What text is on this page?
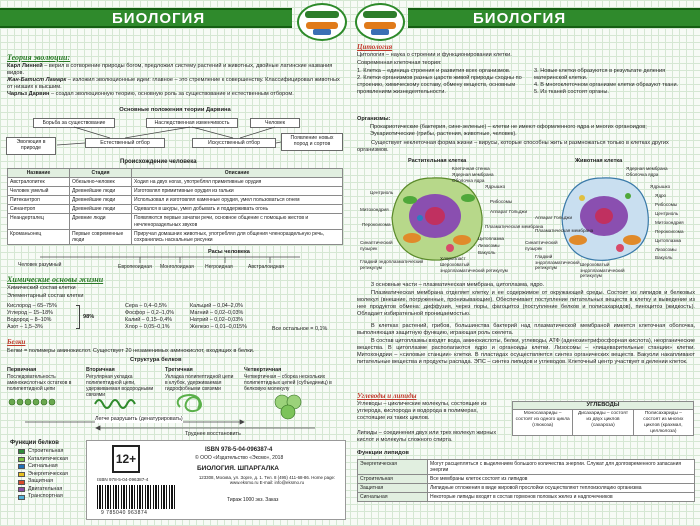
БИОЛОГИЯ
Теория эволюции:
Карл Линней – верил в сотворение природы богом, предложил систему растений и животных, двойные латинские названия видов.
Жан-Батист Ламарк – изложил эволюционные идеи: главное – это стремление к совершенству. Классифицировал животных от низших к высшим.
Чарльз Дарвин – создал эволюционную теорию, основную роль за существование и естественным отбором.
Основные положения теории Дарвина
Борьба за существование	Наследственная изменчивость	Человек
Эволюция в природе
Естественный отбор	Искусственный отбор
Появление новых пород и сортов
Происхождение человека
Название	Стадия	Описание
Австралопитек	Обезьяно-человек	Ходил на двух ногах, употреблял примитивные орудия
Человек умелый	Древнейшие люди	Изготовлял примитивные орудия из гальки
Питекантроп	Древнейшие люди	Использовал и изготовлял каменные орудия, умел пользоваться огнем
Синантроп	Древнейшие люди	Одевался в шкуры, умел добывать и поддерживать огонь
Неандерталец	Древние люди	Появляются первые зачатки речи, основное общение с помощью жестов и нечленораздельных звуков
Кроманьонец	Первые современные люди	Приручал домашних животных, употреблял для общения членораздельную речь, сохранились наскальные рисунки
Расы человека
Человек разумный	Европеоидная Монголоидная Негроидная	Австралоидная
Химические основы жизни
Химический состав клетки
Элементарный состав клетки
Кислород – 65–75%
Углерод – 15–18%
Водород – 8–10%
Азот – 1,5–3%
98%
Сера – 0,4–0,5%
Фосфор – 0,2–1,0%
Калий – 0,15–0,4%
Хлор – 0,05–0,1%
Кальций – 0,04–2,0%
Магний – 0,02–0,03%
Натрий – 0,02–0,03%
Железо – 0,01–0,015%	Все остальное = 0,1%
Белки
Белки = полимеры аминокислот. Существует 20 незаменимых аминокислот, входящих в белки.
Структура белков
Первичная
Последовательность аминокислотных остатков в полипептидной цепи
Вторичная
Регулярная укладка полипептидной цепи, удерживаемая водородными связями
Третичная
Укладка полипептидной цепи в клубок, удерживаемая гидрофобными связями
Четвертичная
Четвертичная – сборка нескольких полипептидных цепей (субъединиц) в белковую молекулу
Легче разрушить (денатурировать)
Труднее восстановить
Функции белков
Строительная
Каталитическая
Сигнальная
Энергетическая
Защитная
Двигательная
Транспортная
12+
ISBN 978-5-04-096387-4
© ООО «Издательство «Эксмо», 2018
БИОЛОГИЯ. ШПАРГАЛКА
123308, Москва, ул. Зорге, д. 1. Тел. 8 (495) 411-68-86. Home page: www.eksmo.ru E-mail: info@eksmo.ru
Тираж 1000 экз. Заказ
ISBN 978-5-04-096387-4
9 785040 963874
БИОЛОГИЯ
Цитология
Цитология – наука о строении и функционировании клетки.
Современная клеточная теория:
1. Клетка – единица строения и развития всех организмов.
2. Клетки организмов разных царств живой природы сходны по строению, химическому составу, обмену веществ, основным проявлениям жизнедеятельности.
3. Новые клетки образуются в результате деления материнской клетки.
4. В многоклеточном организме клетки образуют ткани.
5. Из тканей состоят органы.
Организмы:
Прокариотические (бактерия, сине-зеленые) – клетки не имеют оформленного ядра и многих органоидов;
Эукариотические (грибы, растения, животные, человек).
Существует неклеточная форма жизни – вирусы, которые способны жить и размножаться только в клетках других организмов.
Растительная клетка	Животная клетка
Центриоль
Митохондрия
Пероксисома
Синаптический пузырек
Гладкий эндоплазматический ретикулум
Клеточная стенка
Ядерная мембрана
Оболочка ядра
Ядрышко
Рибосомы
Аппарат Гольджи
Плазматическая мембрана
Цитоплазма
Лизосомы
Вакуоль
Хлоропласт
Шероховатый эндоплазматический ретикулум
Ядерная мембрана
Оболочка ядра
Ядрышко
Ядро
Рибосомы
Центриоль
Митохондрия
Пероксисома
Цитоплазма
Синаптический пузырек	Лизосомы
Вакуоль
Плазматическая мембрана
Аппарат Гольджи
Шероховатый эндоплазматический ретикулум
Гладкий эндоплазматический ретикулум
3 основные части – плазматическая мембрана, цитоплазма, ядро.
Плазматическая мембрана отделяет клетку и ее содержимое от окружающей среды. Состоит из липидов и белковых молекул (внешние, погруженные, пронизывающие). Обеспечивает поступление питательных веществ в клетку и выведение из нее продуктов обмена: диффузия, через поры, фагоцитоз (поступление белков и полисахаридов), пиноцитоз (жидкость). Обладает избирательной проницаемостью.
В клетках растений, грибов, большинства бактерий над плазматической мембраной имеется клеточная оболочка, выполняющая защитную функцию, играющая роль скелета.
В состав цитоплазмы входят вода, аминокислоты, белки, углеводы, АТФ (аденозинтрифосфорная кислота), неорганические вещества. В цитоплазме располагаются ядро и органоиды клетки. Лизосомы – «пищеварительные станции» клетки. Митохондрии – «силовые станции» клетки. В пластидах осуществляется синтез органических веществ. Вакуоли накапливают питательные вещества и продукты распада. ЭПС – синтез липидов и углеводов. Клеточный центр участвует в делении клеток.
Углеводы и липиды
Углеводы – циклические молекулы, состоящие из углерода, кислорода и водорода в полимерах, состоящие из таких циклов.
Липиды – соединения двух или трех молекул жирных кислот и молекулы сложного спирта.
УГЛЕВОДЫ
Моносахариды – состоят из одного цикла (глюкоза)
Дисахариды – состоят из двух циклов (сахароза)
Полисахариды – состоят из многих циклов (крахмал, целлюлоза)
Функции липидов
Энергетическая	Могут расщепляться с выделением большого количества энергии. Служат для долговременного запасания энергии
Строительная	Все мембраны клеток состоят из липидов
Защитная	Липидные отложения в виде жировой прослойки осуществляют теплоизоляцию организма
Сигнальная	Некоторые липиды входят в состав гормонов половых желез и надпочечников
